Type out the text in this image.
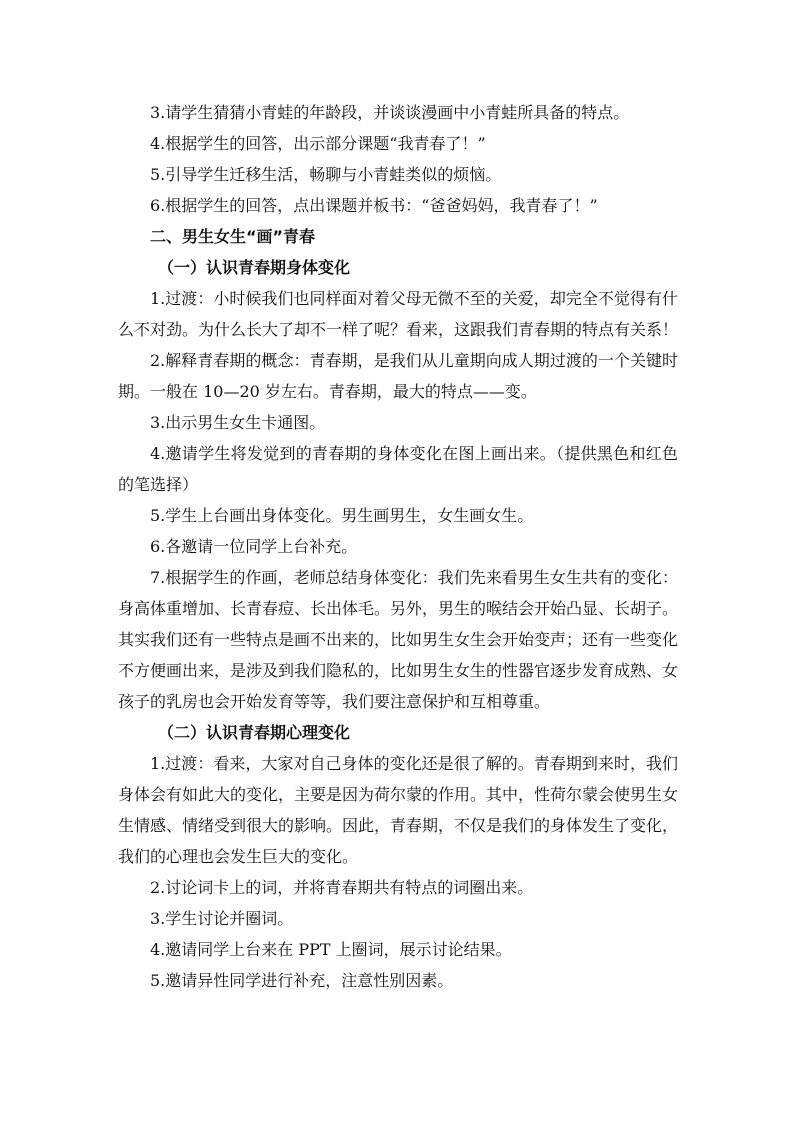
3.请学生猜猜小青蛙的年龄段，并谈谈漫画中小青蛙所具备的特点。

4.根据学生的回答，出示部分课题“我青春了！”

5.引导学生迁移生活，畅聊与小青蛙类似的烦恼。

6.根据学生的回答，点出课题并板书：“爸爸妈妈，我青春了！”

二、男生女生“画”青春

（一）认识青春期身体变化

1.过渡：小时候我们也同样面对着父母无微不至的关爱，却完全不觉得有什么不对劲。为什么长大了却不一样了呢？看来，这跟我们青春期的特点有关系！

2.解释青春期的概念：青春期，是我们从儿童期向成人期过渡的一个关键时期。一般在 10—20 岁左右。青春期，最大的特点——变。

3.出示男生女生卡通图。

4.邀请学生将发觉到的青春期的身体变化在图上画出来。（提供黑色和红色的笔选择）

5.学生上台画出身体变化。男生画男生，女生画女生。

6.各邀请一位同学上台补充。

7.根据学生的作画，老师总结身体变化：我们先来看男生女生共有的变化：身高体重增加、长青春痘、长出体毛。另外，男生的喉结会开始凸显、长胡子。其实我们还有一些特点是画不出来的，比如男生女生会开始变声；还有一些变化不方便画出来，是涉及到我们隐私的，比如男生女生的性器官逐步发育成熟、女孩子的乳房也会开始发育等等，我们要注意保护和互相尊重。

（二）认识青春期心理变化

1.过渡：看来，大家对自己身体的变化还是很了解的。青春期到来时，我们身体会有如此大的变化，主要是因为荷尔蒙的作用。其中，性荷尔蒙会使男生女生情感、情绪受到很大的影响。因此，青春期，不仅是我们的身体发生了变化，我们的心理也会发生巨大的变化。

2.讨论词卡上的词，并将青春期共有特点的词圈出来。

3.学生讨论并圈词。

4.邀请同学上台来在 PPT 上圈词，展示讨论结果。

5.邀请异性同学进行补充，注意性别因素。
